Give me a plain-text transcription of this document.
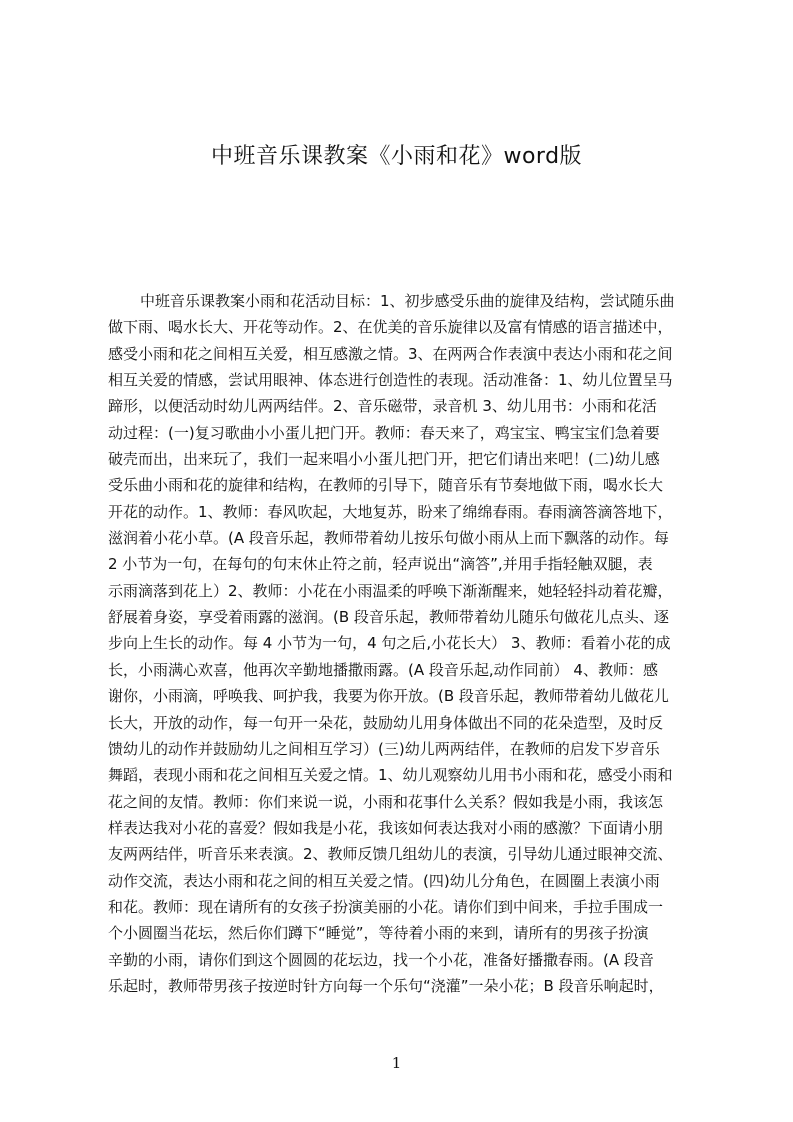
中班音乐课教案《小雨和花》word版
中班音乐课教案小雨和花活动目标：1、初步感受乐曲的旋律及结构，尝试随乐曲
做下雨、喝水长大、开花等动作。2、在优美的音乐旋律以及富有情感的语言描述中，
感受小雨和花之间相互关爱，相互感激之情。3、在两两合作表演中表达小雨和花之间
相互关爱的情感，尝试用眼神、体态进行创造性的表现。活动准备：1、幼儿位置呈马
蹄形，以便活动时幼儿两两结伴。2、音乐磁带，录音机 3、幼儿用书：小雨和花活
动过程：(一)复习歌曲小小蛋儿把门开。教师：春天来了，鸡宝宝、鸭宝宝们急着要
破壳而出，出来玩了，我们一起来唱小小蛋儿把门开，把它们请出来吧！(二)幼儿感
受乐曲小雨和花的旋律和结构，在教师的引导下，随音乐有节奏地做下雨，喝水长大
开花的动作。1、教师：春风吹起，大地复苏，盼来了绵绵春雨。春雨滴答滴答地下，
滋润着小花小草。(A 段音乐起，教师带着幼儿按乐句做小雨从上而下飘落的动作。每
2 小节为一句，在每句的句末休止符之前，轻声说出“滴答”,并用手指轻触双腿，表
示雨滴落到花上）2、教师：小花在小雨温柔的呼唤下渐渐醒来，她轻轻抖动着花瓣，
舒展着身姿，享受着雨露的滋润。(B 段音乐起，教师带着幼儿随乐句做花儿点头、逐
步向上生长的动作。每 4 小节为一句，4 句之后,小花长大） 3、教师：看着小花的成
长，小雨满心欢喜，他再次辛勤地播撒雨露。(A 段音乐起,动作同前） 4、教师：感
谢你，小雨滴，呼唤我、呵护我，我要为你开放。(B 段音乐起，教师带着幼儿做花儿
长大，开放的动作，每一句开一朵花，鼓励幼儿用身体做出不同的花朵造型，及时反
馈幼儿的动作并鼓励幼儿之间相互学习）(三)幼儿两两结伴，在教师的启发下岁音乐
舞蹈，表现小雨和花之间相互关爱之情。1、幼儿观察幼儿用书小雨和花，感受小雨和
花之间的友情。教师：你们来说一说，小雨和花事什么关系？假如我是小雨，我该怎
样表达我对小花的喜爱？假如我是小花，我该如何表达我对小雨的感激？下面请小朋
友两两结伴，听音乐来表演。2、教师反馈几组幼儿的表演，引导幼儿通过眼神交流、
动作交流，表达小雨和花之间的相互关爱之情。(四)幼儿分角色，在圆圈上表演小雨
和花。教师：现在请所有的女孩子扮演美丽的小花。请你们到中间来，手拉手围成一
个小圆圈当花坛，然后你们蹲下“睡觉”，等待着小雨的来到，请所有的男孩子扮演
辛勤的小雨，请你们到这个圆圆的花坛边，找一个小花，准备好播撒春雨。(A 段音
乐起时，教师带男孩子按逆时针方向每一个乐句“浇灌”一朵小花；B 段音乐响起时，
1
